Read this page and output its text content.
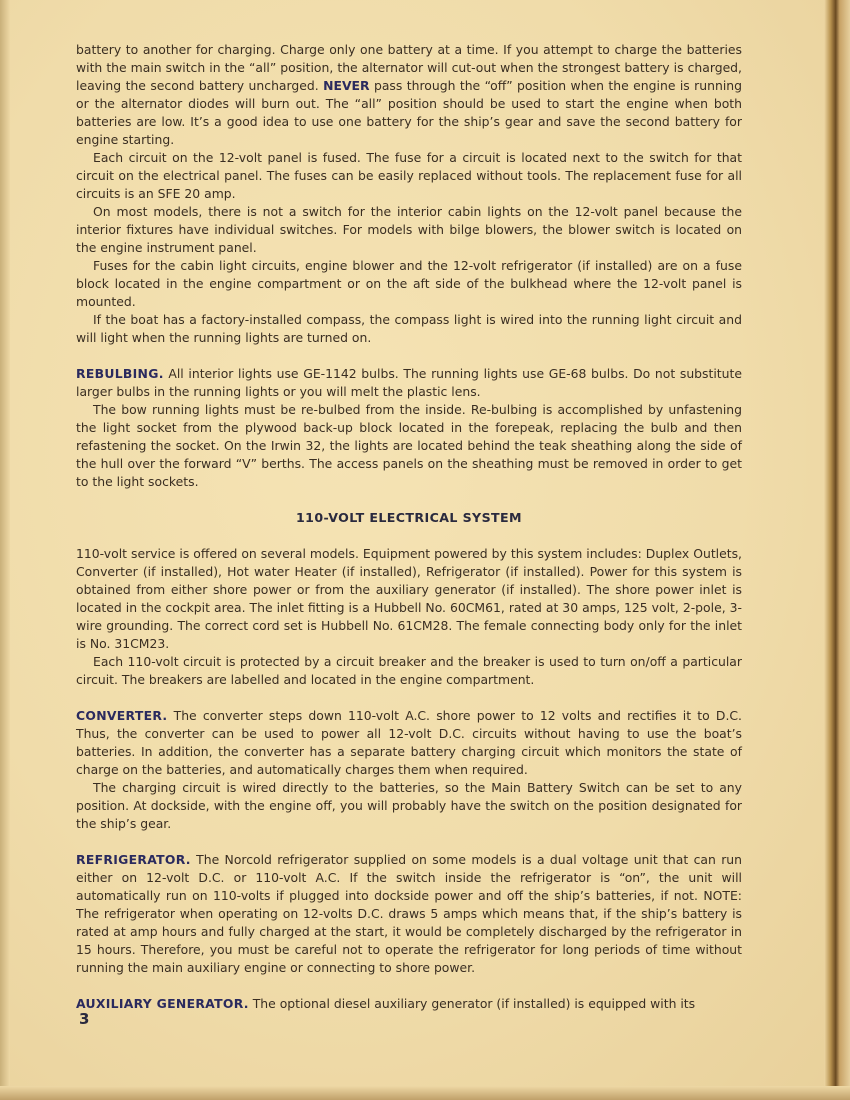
battery to another for charging. Charge only one battery at a time. If you attempt to charge the batteries with the main switch in the “all” position, the alternator will cut-out when the strongest battery is charged, leaving the second battery uncharged. NEVER pass through the “off” position when the engine is running or the alternator diodes will burn out. The “all” position should be used to start the engine when both batteries are low. It’s a good idea to use one battery for the ship’s gear and save the second battery for engine starting.

Each circuit on the 12-volt panel is fused. The fuse for a circuit is located next to the switch for that circuit on the electrical panel. The fuses can be easily replaced without tools. The replacement fuse for all circuits is an SFE 20 amp.

On most models, there is not a switch for the interior cabin lights on the 12-volt panel because the interior fixtures have individual switches. For models with bilge blowers, the blower switch is located on the engine instrument panel.

Fuses for the cabin light circuits, engine blower and the 12-volt refrigerator (if installed) are on a fuse block located in the engine compartment or on the aft side of the bulkhead where the 12-volt panel is mounted.

If the boat has a factory-installed compass, the compass light is wired into the running light circuit and will light when the running lights are turned on.

REBULBING. All interior lights use GE-1142 bulbs. The running lights use GE-68 bulbs. Do not substitute larger bulbs in the running lights or you will melt the plastic lens.

The bow running lights must be re-bulbed from the inside. Re-bulbing is accomplished by unfastening the light socket from the plywood back-up block located in the forepeak, replacing the bulb and then refastening the socket. On the Irwin 32, the lights are located behind the teak sheathing along the side of the hull over the forward “V” berths. The access panels on the sheathing must be removed in order to get to the light sockets.

110-VOLT ELECTRICAL SYSTEM

110-volt service is offered on several models. Equipment powered by this system includes: Duplex Outlets, Converter (if installed), Hot water Heater (if installed), Refrigerator (if installed). Power for this system is obtained from either shore power or from the auxiliary generator (if installed). The shore power inlet is located in the cockpit area. The inlet fitting is a Hubbell No. 60CM61, rated at 30 amps, 125 volt, 2-pole, 3-wire grounding. The correct cord set is Hubbell No. 61CM28. The female connecting body only for the inlet is No. 31CM23.

Each 110-volt circuit is protected by a circuit breaker and the breaker is used to turn on/off a particular circuit. The breakers are labelled and located in the engine compartment.

CONVERTER. The converter steps down 110-volt A.C. shore power to 12 volts and rectifies it to D.C. Thus, the converter can be used to power all 12-volt D.C. circuits without having to use the boat’s batteries. In addition, the converter has a separate battery charging circuit which monitors the state of charge on the batteries, and automatically charges them when required.

The charging circuit is wired directly to the batteries, so the Main Battery Switch can be set to any position. At dockside, with the engine off, you will probably have the switch on the position designated for the ship’s gear.

REFRIGERATOR. The Norcold refrigerator supplied on some models is a dual voltage unit that can run either on 12-volt D.C. or 110-volt A.C. If the switch inside the refrigerator is “on”, the unit will automatically run on 110-volts if plugged into dockside power and off the ship’s batteries, if not. NOTE: The refrigerator when operating on 12-volts D.C. draws 5 amps which means that, if the ship’s battery is rated at amp hours and fully charged at the start, it would be completely discharged by the refrigerator in 15 hours. Therefore, you must be careful not to operate the refrigerator for long periods of time without running the main auxiliary engine or connecting to shore power.

AUXILIARY GENERATOR. The optional diesel auxiliary generator (if installed) is equipped with its

3
